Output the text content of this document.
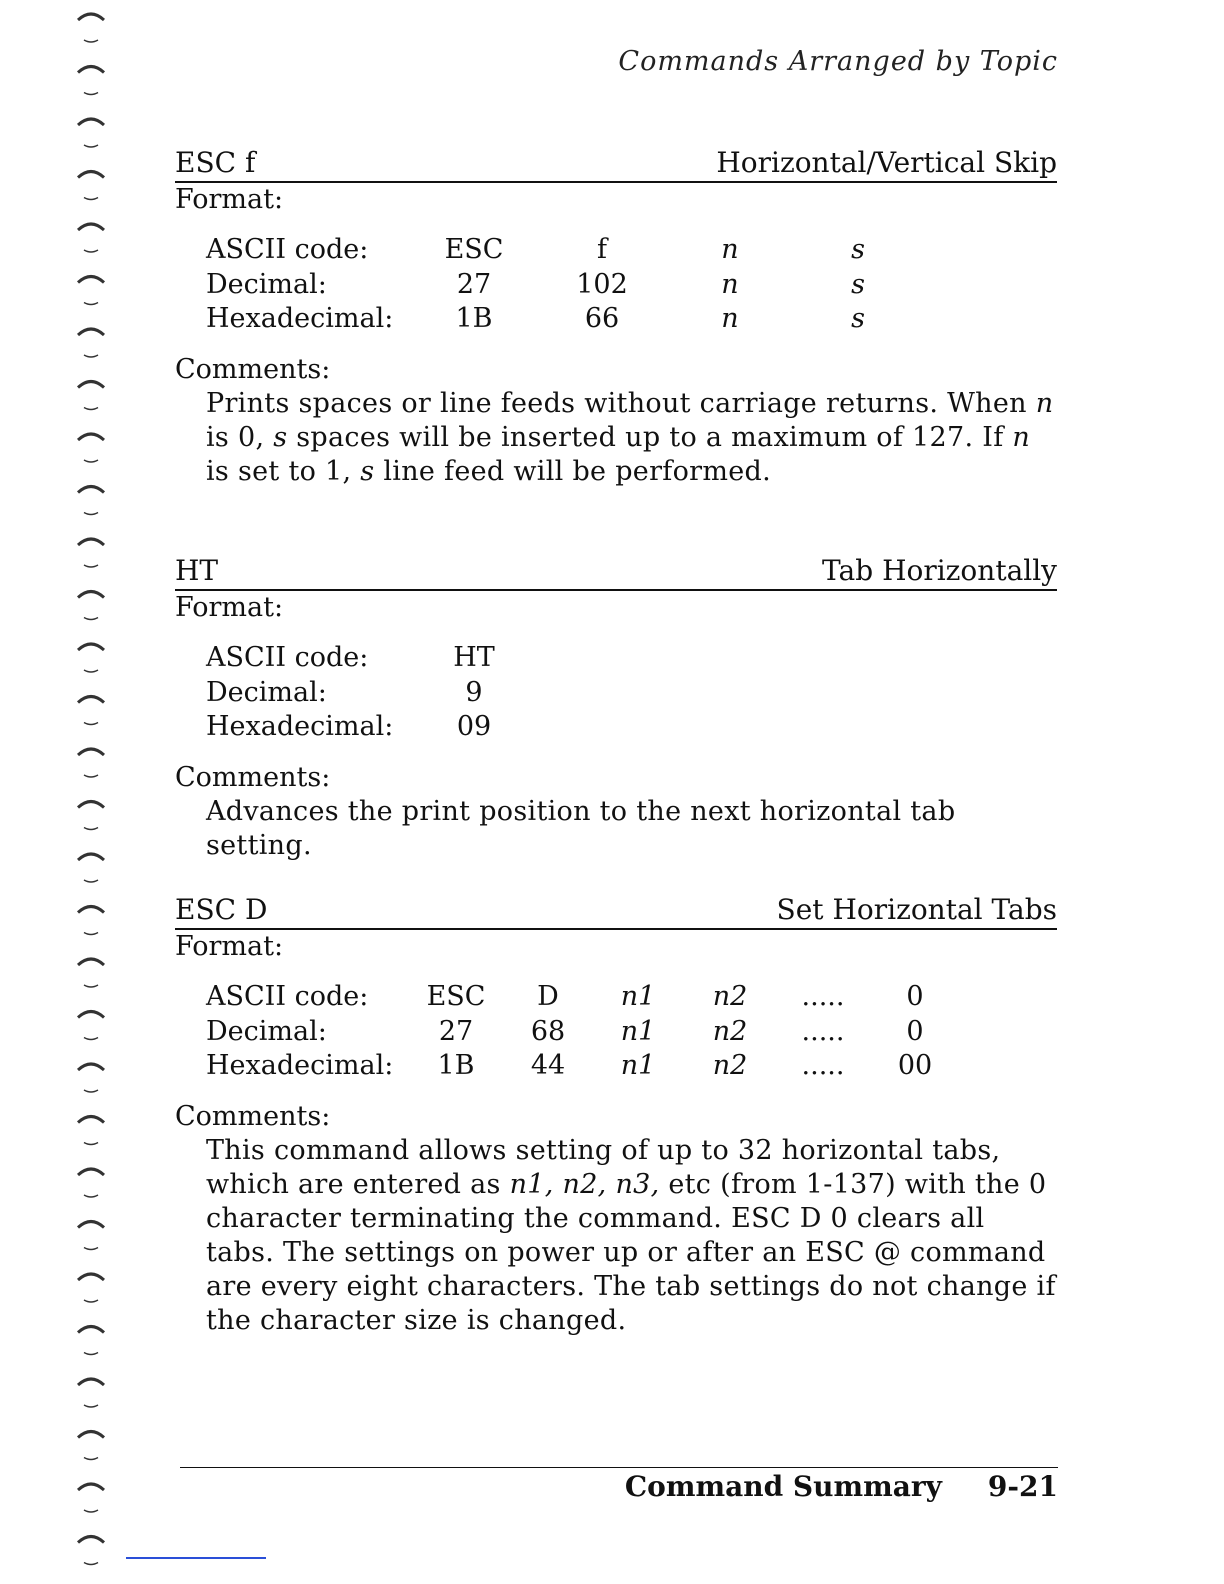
Commands Arranged by Topic
ESC f	Horizontal/Vertical Skip
Format:
ASCII code:	ESC	f	n	s
Decimal:	27	102	n	s
Hexadecimal: 1B	66	n	s
Comments:
Prints spaces or line feeds without carriage returns. When n is 0, s spaces will be inserted up to a maximum of 127. If n is set to 1, s line feed will be performed.
HT	Tab Horizontally
Format:
ASCII code:	HT
Decimal:	9
Hexadecimal: 09
Comments:
Advances the print position to the next horizontal tab setting.
ESC D	Set Horizontal Tabs
Format:
ASCII code: ESC D n1 n2 ..... 0
Decimal:	27 68 n1 n2 ..... 0
Hexadecimal: 1B 44 n1 n2 ..... 00
Comments:
This command allows setting of up to 32 horizontal tabs, which are entered as n1, n2, n3, etc (from 1-137) with the 0 character terminating the command. ESC D 0 clears all tabs. The settings on power up or after an ESC @ command are every eight characters. The tab settings do not change if the character size is changed.
Command Summary 9-21
